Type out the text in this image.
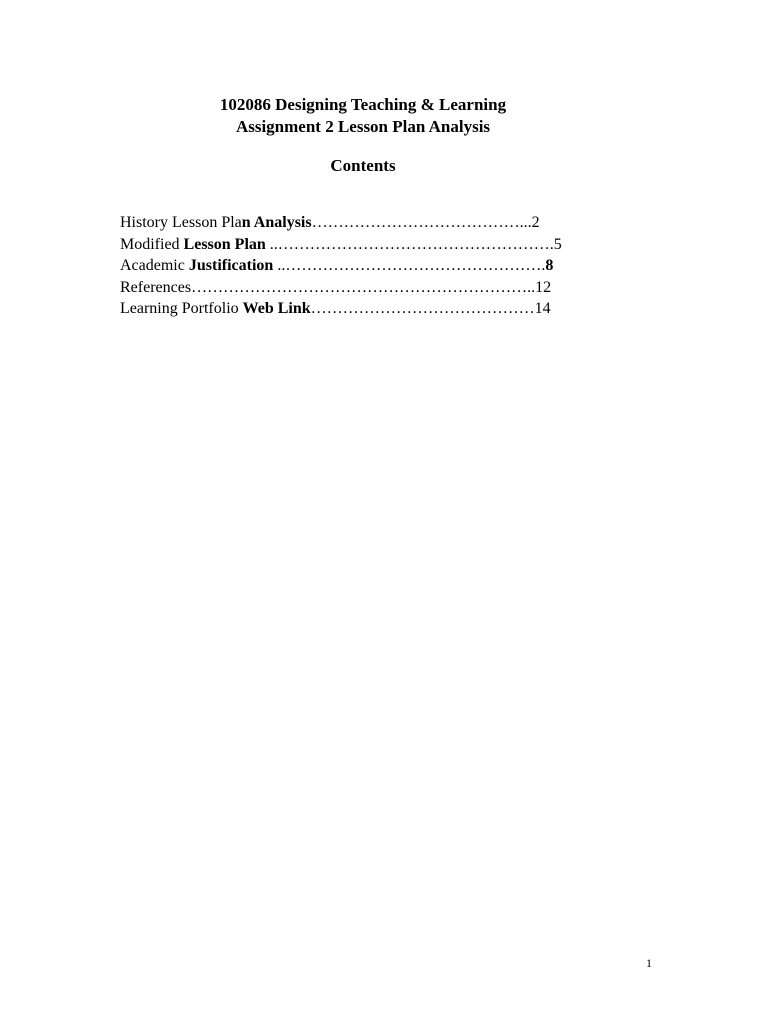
102086 Designing Teaching & Learning
Assignment 2 Lesson Plan Analysis
Contents
History Lesson Plan Analysis…………………………………...2
Modified Lesson Plan ..…………………………………………….5
Academic Justification ..………………………………………….8
References………………………………………………………..12
Learning Portfolio Web Link……………………………………14
1
